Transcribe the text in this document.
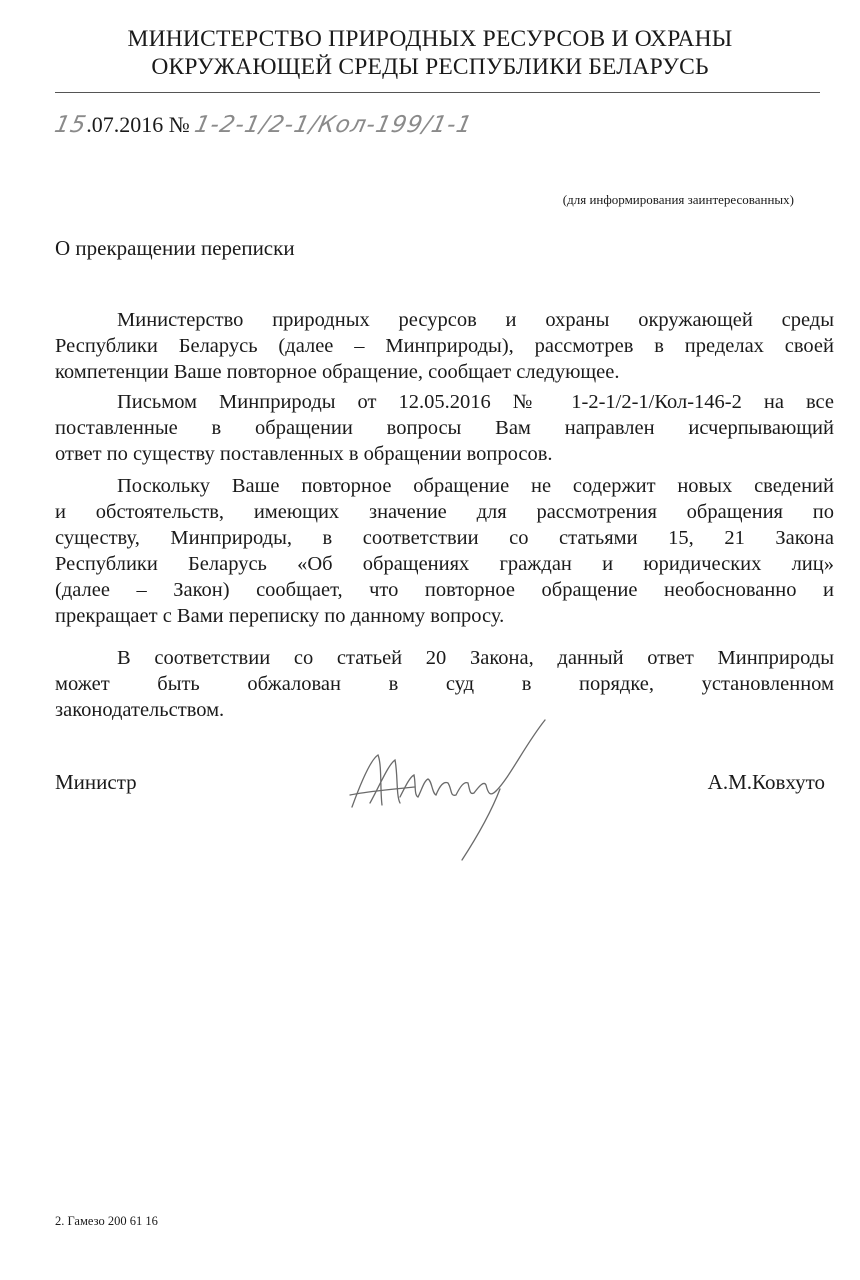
МИНИСТЕРСТВО ПРИРОДНЫХ РЕСУРСОВ И ОХРАНЫ
ОКРУЖАЮЩЕЙ СРЕДЫ РЕСПУБЛИКИ БЕЛАРУСЬ
15.07.2016 № 1-2-1/2-1/Кол-199/1-1
(для информирования заинтересованных)
О прекращении переписки
Министерство природных ресурсов и охраны окружающей среды
Республики Беларусь (далее – Минприроды), рассмотрев в пределах своей
компетенции Ваше повторное обращение, сообщает следующее.
Письмом Минприроды от 12.05.2016 № 1-2-1/2-1/Кол-146-2 на все
поставленные в обращении вопросы Вам направлен исчерпывающий
ответ по существу поставленных в обращении вопросов.
Поскольку Ваше повторное обращение не содержит новых сведений
и обстоятельств, имеющих значение для рассмотрения обращения по
существу, Минприроды, в соответствии со статьями 15, 21 Закона
Республики Беларусь «Об обращениях граждан и юридических лиц»
(далее – Закон) сообщает, что повторное обращение необоснованно и
прекращает с Вами переписку по данному вопросу.
В соответствии со статьей 20 Закона, данный ответ Минприроды
может быть обжалован в суд в порядке, установленном
законодательством.
Министр	А.М.Ковхуто
2. Гамезо 200 61 16
